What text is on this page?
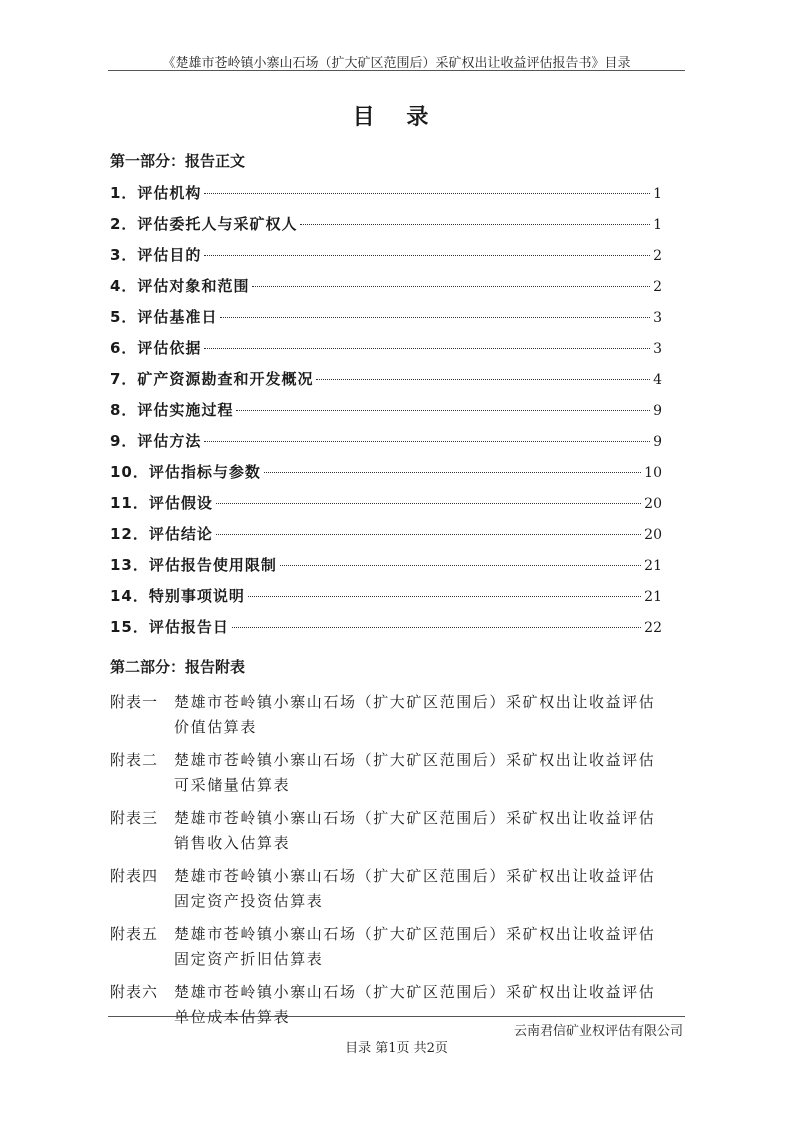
《楚雄市苍岭镇小寨山石场（扩大矿区范围后）采矿权出让收益评估报告书》目录
目 录
第一部分：报告正文
1．评估机构	1
2．评估委托人与采矿权人	1
3．评估目的	2
4．评估对象和范围	2
5．评估基准日	3
6．评估依据	3
7．矿产资源勘查和开发概况	4
8．评估实施过程	9
9．评估方法	9
10．评估指标与参数	10
11．评估假设	20
12．评估结论	20
13．评估报告使用限制	21
14．特别事项说明	21
15．评估报告日	22
第二部分：报告附表
附表一	楚雄市苍岭镇小寨山石场（扩大矿区范围后）采矿权出让收益评估价值估算表
附表二	楚雄市苍岭镇小寨山石场（扩大矿区范围后）采矿权出让收益评估可采储量估算表
附表三	楚雄市苍岭镇小寨山石场（扩大矿区范围后）采矿权出让收益评估销售收入估算表
附表四	楚雄市苍岭镇小寨山石场（扩大矿区范围后）采矿权出让收益评估固定资产投资估算表
附表五	楚雄市苍岭镇小寨山石场（扩大矿区范围后）采矿权出让收益评估固定资产折旧估算表
附表六	楚雄市苍岭镇小寨山石场（扩大矿区范围后）采矿权出让收益评估单位成本估算表
云南君信矿业权评估有限公司
目录 第1页 共2页
